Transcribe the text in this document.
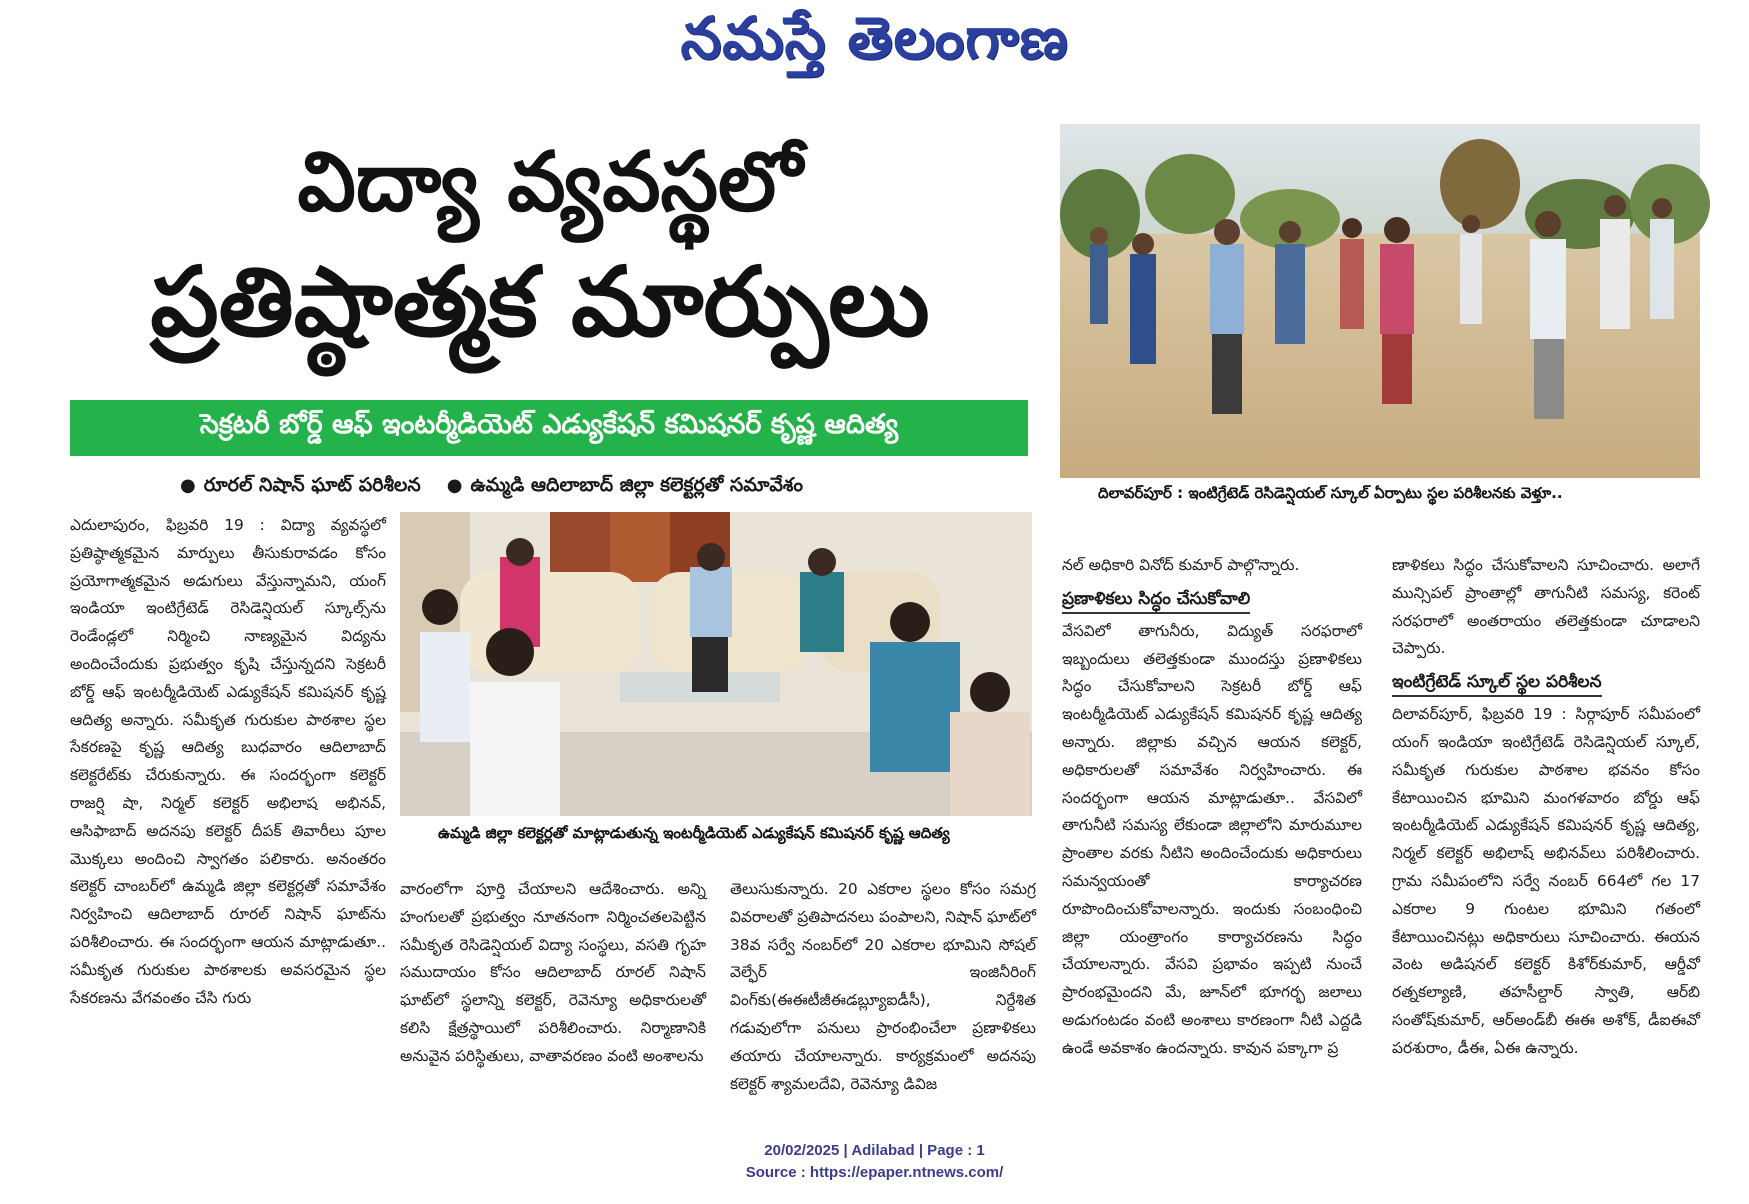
నమస్తే తెలంగాణ
విద్యా వ్యవస్థలో
ప్రతిష్ఠాత్మక మార్పులు
సెక్రటరీ బోర్డ్ ఆఫ్ ఇంటర్మీడియెట్ ఎడ్యుకేషన్ కమిషనర్ కృష్ణ ఆదిత్య
● రూరల్ నిషాన్ ఘాట్ పరిశీలన ● ఉమ్మడి ఆదిలాబాద్ జిల్లా కలెక్టర్లతో సమావేశం	దిలావర్‌పూర్ : ఇంటిగ్రేటెడ్ రెసిడెన్షియల్ స్కూల్ ఏర్పాటు స్థల పరిశీలనకు వెళ్తూ..
ఉమ్మడి జిల్లా కలెక్టర్లతో మాట్లాడుతున్న ఇంటర్మీడియెట్ ఎడ్యుకేషన్ కమిషనర్ కృష్ణ ఆదిత్య

ఎదులాపురం, ఫిబ్రవరి 19 : విద్యా వ్యవస్థలో ప్రతిష్ఠాత్మకమైన మార్పులు తీసుకురావడం కోసం ప్రయోగాత్మకమైన అడుగులు వేస్తున్నామని, యంగ్ ఇండియా ఇంటిగ్రేటెడ్ రెసిడెన్షియల్ స్కూల్స్‌ను రెండేండ్లలో నిర్మించి నాణ్యమైన విద్యను అందించేందుకు ప్రభుత్వం కృషి చేస్తున్నదని సెక్రటరీ బోర్డ్ ఆఫ్ ఇంటర్మీడియెట్ ఎడ్యుకేషన్ కమిషనర్ కృష్ణ ఆదిత్య అన్నారు. సమీకృత గురుకుల పాఠశాల స్థల సేకరణపై కృష్ణ ఆదిత్య బుధవారం ఆదిలాబాద్ కలెక్టరేట్‌కు చేరుకున్నారు. ఈ సందర్భంగా కలెక్టర్ రాజర్షి షా, నిర్మల్ కలెక్టర్ అభిలాష అభినవ్, ఆసిఫాబాద్ అదనపు కలెక్టర్ దీపక్ తివారీలు పూల మొక్కలు అందించి స్వాగతం పలికారు. అనంతరం కలెక్టర్ చాంబర్‌లో ఉమ్మడి జిల్లా కలెక్టర్లతో సమావేశం నిర్వహించి ఆదిలాబాద్ రూరల్ నిషాన్ ఘాట్‌ను పరిశీలించారు. ఈ సందర్భంగా ఆయన మాట్లాడుతూ.. సమీకృత గురుకుల పాఠశాలకు అవసరమైన స్థల సేకరణను వేగవంతం చేసి గురు

వారంలోగా పూర్తి చేయాలని ఆదేశించారు. అన్ని హంగులతో ప్రభుత్వం నూతనంగా నిర్మించతలపెట్టిన సమీకృత రెసిడెన్షియల్ విద్యా సంస్థలు, వసతి గృహ సముదాయం కోసం ఆదిలాబాద్ రూరల్ నిషాన్ ఘాట్‌లో స్థలాన్ని కలెక్టర్, రెవెన్యూ అధికారులతో కలిసి క్షేత్రస్థాయిలో పరిశీలించారు. నిర్మాణానికి అనువైన పరిస్థితులు, వాతావరణం వంటి అంశాలను

తెలుసుకున్నారు. 20 ఎకరాల స్థలం కోసం సమగ్ర వివరాలతో ప్రతిపాదనలు పంపాలని, నిషాన్ ఘాట్‌లో 38వ సర్వే నంబర్‌లో 20 ఎకరాల భూమిని సోషల్ వెల్ఫేర్ ఇంజినీరింగ్ వింగ్‌కు(ఈఈటీజీఈడబ్ల్యూఐడీసీ), నిర్దేశిత గడువులోగా పనులు ప్రారంభించేలా ప్రణాళికలు తయారు చేయాలన్నారు. కార్యక్రమంలో అదనపు కలెక్టర్ శ్యామలదేవి, రెవెన్యూ డివిజ

నల్ అధికారి వినోద్ కుమార్ పాల్గొన్నారు.

ప్రణాళికలు సిద్ధం చేసుకోవాలి

వేసవిలో తాగునీరు, విద్యుత్ సరఫరాలో ఇబ్బందులు తలెత్తకుండా ముందస్తు ప్రణాళికలు సిద్ధం చేసుకోవాలని సెక్రటరీ బోర్డ్ ఆఫ్ ఇంటర్మీడియెట్ ఎడ్యుకేషన్ కమిషనర్ కృష్ణ ఆదిత్య అన్నారు. జిల్లాకు వచ్చిన ఆయన కలెక్టర్, అధికారులతో సమావేశం నిర్వహించారు. ఈ సందర్భంగా ఆయన మాట్లాడుతూ.. వేసవిలో తాగునీటి సమస్య లేకుండా జిల్లాలోని మారుమూల ప్రాంతాల వరకు నీటిని అందించేందుకు అధికారులు సమన్వయంతో కార్యాచరణ రూపొందించుకోవాలన్నారు. ఇందుకు సంబంధించి జిల్లా యంత్రాంగం కార్యాచరణను సిద్ధం చేయాలన్నారు. వేసవి ప్రభావం ఇప్పటి నుంచే ప్రారంభమైందని మే, జూన్‌లో భూగర్భ జలాలు అడుగంటడం వంటి అంశాలు కారణంగా నీటి ఎద్దడి ఉండే అవకాశం ఉందన్నారు. కావున పక్కాగా ప్ర

ణాళికలు సిద్ధం చేసుకోవాలని సూచించారు. అలాగే మున్సిపల్ ప్రాంతాల్లో తాగునీటి సమస్య, కరెంట్ సరఫరాలో అంతరాయం తలెత్తకుండా చూడాలని చెప్పారు.

ఇంటిగ్రేటెడ్ స్కూల్ స్థల పరిశీలన

దిలావర్‌పూర్, ఫిబ్రవరి 19 : సిర్గాపూర్ సమీపంలో యంగ్ ఇండియా ఇంటిగ్రేటెడ్ రెసిడెన్షియల్ స్కూల్, సమీకృత గురుకుల పాఠశాల భవనం కోసం కేటాయించిన భూమిని మంగళవారం బోర్డు ఆఫ్ ఇంటర్మీడియెట్ ఎడ్యుకేషన్ కమిషనర్ కృష్ణ ఆదిత్య, నిర్మల్ కలెక్టర్ అభిలాష్ అభినవ్‌లు పరిశీలించారు. గ్రామ సమీపంలోని సర్వే నంబర్ 664లో గల 17 ఎకరాల 9 గుంటల భూమిని గతంలో కేటాయించినట్లు అధికారులు సూచించారు. ఈయన వెంట అడిషనల్ కలెక్టర్ కిశోర్‌కుమార్, ఆర్డీవో రత్నకల్యాణి, తహసీల్దార్ స్వాతి, ఆర్‌బి సంతోష్‌కుమార్, ఆర్‌అండ్‌బీ ఈఈ అశోక్, డీఐఈవో పరశురాం, డీఈ, ఏఈ ఉన్నారు.

20/02/2025 | Adilabad | Page : 1
Source : https://epaper.ntnews.com/
